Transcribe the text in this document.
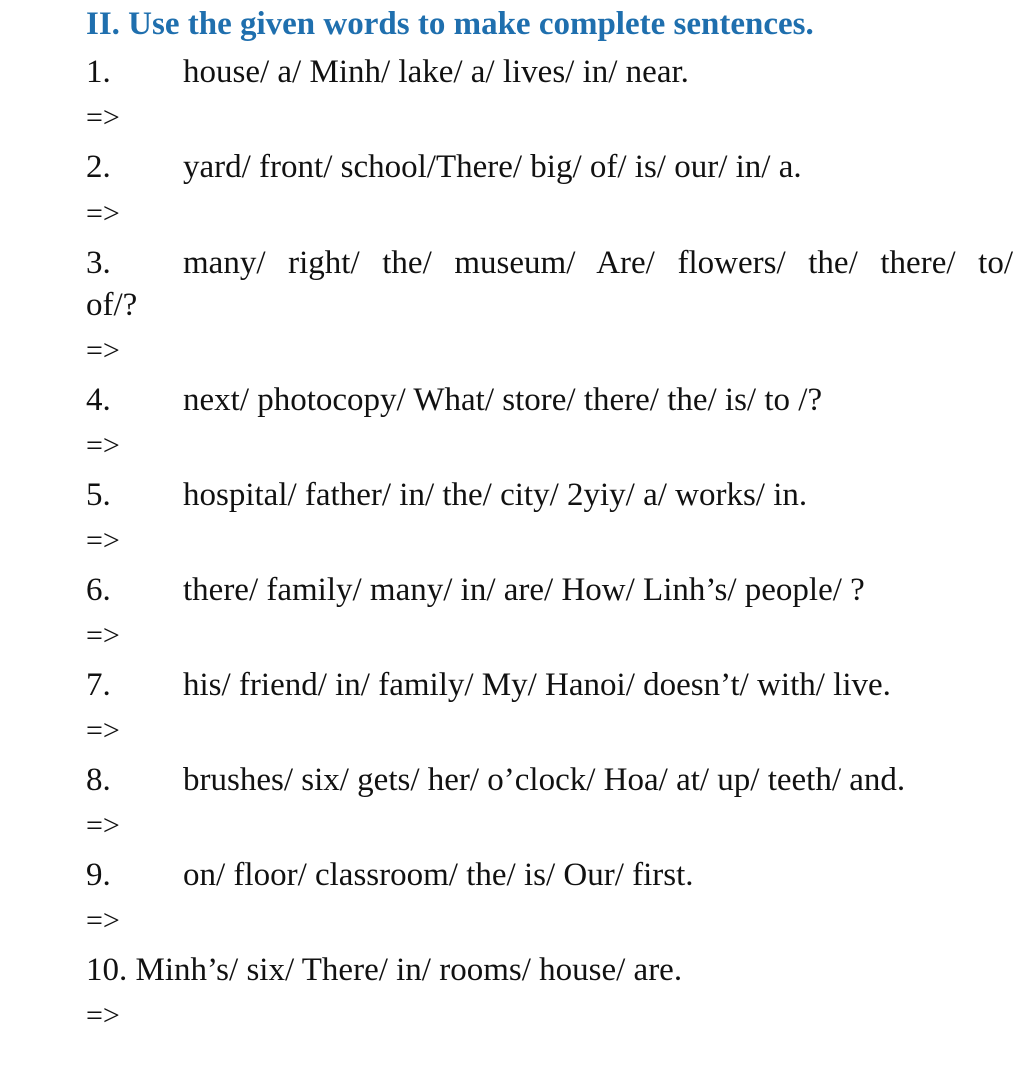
II. Use the given words to make complete sentences.
1. house/ a/ Minh/ lake/ a/ lives/ in/ near.
=>
2. yard/ front/ school/There/ big/ of/ is/ our/ in/ a.
=>
3. many/ right/ the/ museum/ Are/ flowers/ the/ there/ to/
of/?
=>
4. next/ photocopy/ What/ store/ there/ the/ is/ to /?
=>
5. hospital/ father/ in/ the/ city/ 2yiy/ a/ works/ in.
=>
6. there/ family/ many/ in/ are/ How/ Linh’s/ people/ ?
=>
7. his/ friend/ in/ family/ My/ Hanoi/ doesn’t/ with/ live.
=>
8. brushes/ six/ gets/ her/ o’clock/ Hoa/ at/ up/ teeth/ and.
=>
9. on/ floor/ classroom/ the/ is/ Our/ first.
=>
10. Minh’s/ six/ There/ in/ rooms/ house/ are.
=>
